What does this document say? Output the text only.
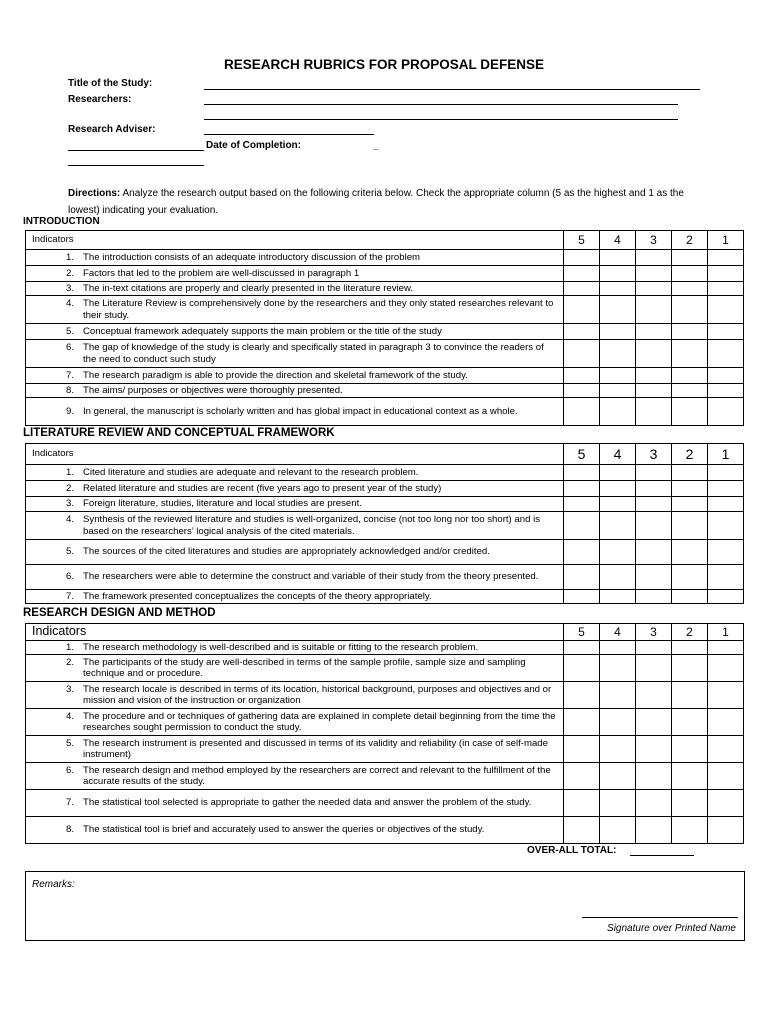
RESEARCH RUBRICS FOR PROPOSAL DEFENSE
Title of the Study:
Researchers:
Research Adviser:
Date of Completion:	_
Directions: Analyze the research output based on the following criteria below. Check the appropriate column (5 as the highest and 1 as the lowest) indicating your evaluation.
INTRODUCTION
LITERATURE REVIEW AND CONCEPTUAL FRAMEWORK
RESEARCH DESIGN AND METHOD
Indicators	5	4	3	2	1

1. The introduction consists of an adequate introductory discussion of the problem					

2. Factors that led to the problem are well-discussed in paragraph 1					

3. The in-text citations are properly and clearly presented in the literature review.					

4. The Literature Review is comprehensively done by the researchers and they only stated researches relevant to their study.					

5. Conceptual framework adequately supports the main problem or the title of the study					

6. The gap of knowledge of the study is clearly and specifically stated in paragraph 3 to convince the readers of the need to conduct such study					

7. The research paradigm is able to provide the direction and skeletal framework of the study.					

8. The aims/ purposes or objectives were thoroughly presented.					

9. In general, the manuscript is scholarly written and has global impact in educational context as a whole.					

Indicators	5	4	3	2	1

1. Cited literature and studies are adequate and relevant to the research problem.					

2. Related literature and studies are recent (five years ago to present year of the study)					

3. Foreign literature, studies, literature and local studies are present.					

4. Synthesis of the reviewed literature and studies is well-organized, concise (not too long nor too short) and is based on the researchers’ logical analysis of the cited materials.					

5. The sources of the cited literatures and studies are appropriately acknowledged and/or credited.					

6. The researchers were able to determine the construct and variable of their study from the theory presented.					

7. The framework presented conceptualizes the concepts of the theory appropriately.					

Indicators	5	4	3	2	1

1. The research methodology is well-described and is suitable or fitting to the research problem.					

2. The participants of the study are well-described in terms of the sample profile, sample size and sampling technique and or procedure.					

3. The research locale is described in terms of its location, historical background, purposes and objectives and or mission and vision of the instruction or organization					

4. The procedure and or techniques of gathering data are explained in complete detail beginning from the time the researches sought permission to conduct the study.					

5. The research instrument is presented and discussed in terms of its validity and reliability (in case of self-made instrument)					

6. The research design and method employed by the researchers are correct and relevant to the fulfillment of the accurate results of the study.					

7. The statistical tool selected is appropriate to gather the needed data and answer the problem of the study.					

8. The statistical tool is brief and accurately used to answer the queries or objectives of the study.					

OVER-ALL TOTAL:
Remarks:
Signature over Printed Name
